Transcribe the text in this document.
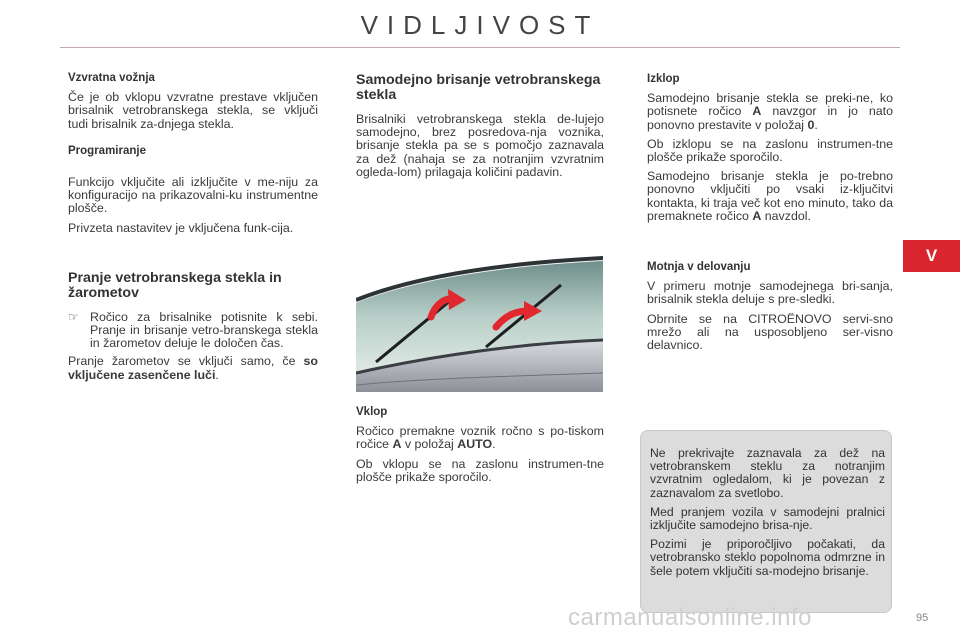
VIDLJIVOST
V
Vzvratna vožnja

Če je ob vklopu vzvratne prestave vključen brisalnik vetrobranskega stekla, se vključi tudi brisalnik za-dnjega stekla.

Programiranje

Funkcijo vključite ali izključite v me-niju za konfiguracijo na prikazovalni-ku instrumentne plošče.

Privzeta nastavitev je vključena funk-cija.

Pranje vetrobranskega stekla in žarometov
☞ Ročico za brisalnike potisnite k sebi. Pranje in brisanje vetro-branskega stekla in žarometov deluje le določen čas.

Pranje žarometov se vključi samo, če so vključene zasenčene luči.

Samodejno brisanje vetrobranskega stekla

Brisalniki vetrobranskega stekla de-lujejo samodejno, brez posredova-nja voznika, brisanje stekla pa se s pomočjo zaznavala za dež (nahaja se za notranjim vzvratnim ogleda-lom) prilagaja količini padavin.

Vklop

Ročico premakne voznik ročno s po-tiskom ročice A v položaj AUTO.

Ob vklopu se na zaslonu instrumen-tne plošče prikaže sporočilo.

Izklop

Samodejno brisanje stekla se preki-ne, ko potisnete ročico A navzgor in jo nato ponovno prestavite v položaj 0.

Ob izklopu se na zaslonu instrumen-tne plošče prikaže sporočilo.

Samodejno brisanje stekla je po-trebno ponovno vključiti po vsaki iz-ključitvi kontakta, ki traja več kot eno minuto, tako da premaknete ročico A navzdol.

Motnja v delovanju

V primeru motnje samodejnega bri-sanja, brisalnik stekla deluje s pre-sledki.

Obrnite se na CITROËNOVO servi-sno mrežo ali na usposobljeno ser-visno delavnico.

Ne prekrivajte zaznavala za dež na vetrobranskem steklu za notranjim vzvratnim ogledalom, ki je povezan z zaznavalom za svetlobo.

Med pranjem vozila v samodejni pralnici izključite samodejno brisa-nje.

Pozimi je priporočljivo počakati, da vetrobransko steklo popolnoma odmrzne in šele potem vključiti sa-modejno brisanje.

95
carmanualsonline.info
